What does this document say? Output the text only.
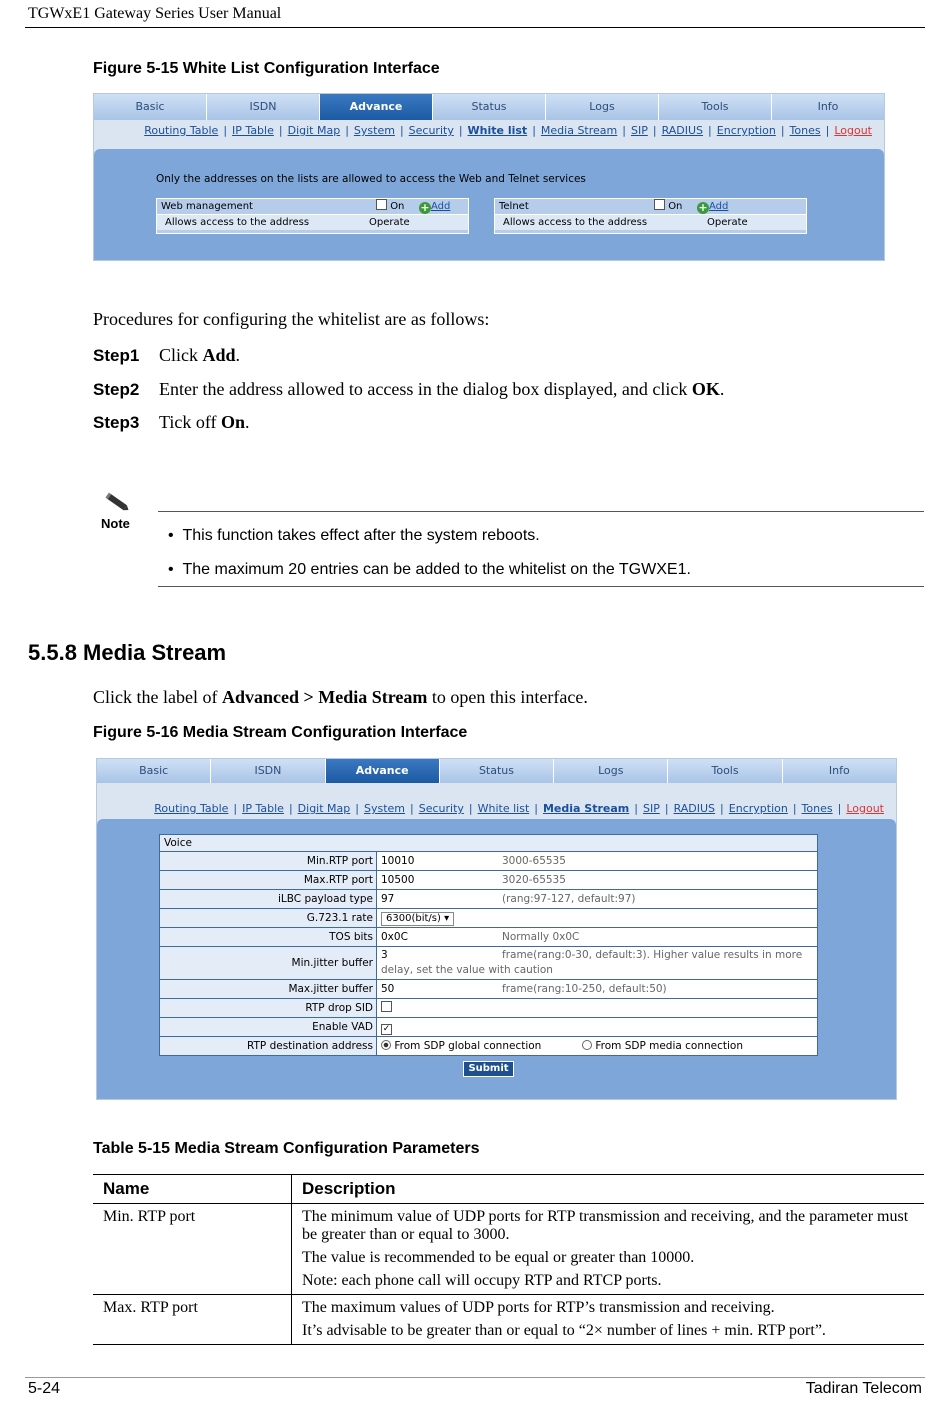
TGWxE1 Gateway Series User Manual
Figure 5-15 White List Configuration Interface
Basic	ISDN	Advance	Status	Logs	Tools	Info
Routing Table | IP Table | Digit Map | System | Security | White list | Media Stream | SIP | RADIUS | Encryption | Tones | Logout
Only the addresses on the lists are allowed to access the Web and Telnet services
Web management	On +Add
Allows access to the address	Operate
Telnet	On +Add
Allows access to the address	Operate
Procedures for configuring the whitelist are as follows:
Step1 Click Add.
Step2 Enter the address allowed to access in the dialog box displayed, and click OK.
Step3 Tick off On.
Note
•  This function takes effect after the system reboots.
•  The maximum 20 entries can be added to the whitelist on the TGWXE1.
5.5.8 Media Stream
Click the label of Advanced > Media Stream to open this interface.
Figure 5-16 Media Stream Configuration Interface
Basic	ISDN	Advance	Status	Logs	Tools	Info
Routing Table | IP Table | Digit Map | System | Security | White list | Media Stream | SIP | RADIUS | Encryption | Tones | Logout
Voice
Min.RTP port 10010	3000-65535
Max.RTP port 10500	3020-65535
iLBC payload type 97	(rang:97-127, default:97)
G.723.1 rate	6300(bit/s) ▾
TOS bits 0x0C	Normally 0x0C
Min.jitter buffer
3	frame(rang:0-30, default:3). Higher value results in more
delay, set the value with caution
Max.jitter buffer 50	frame(rang:10-250, default:50)
RTP drop SID
Enable VAD	✓
RTP destination address	From SDP global connection	From SDP media connection
Submit
Table 5-15 Media Stream Configuration Parameters
Name	Description
Min. RTP port	The minimum value of UDP ports for RTP transmission and receiving, and the parameter must be greater than or equal to 3000.

The value is recommended to be equal or greater than 10000.

Note: each phone call will occupy RTP and RTCP ports.

Max. RTP port	The maximum values of UDP ports for RTP’s transmission and receiving.

It’s advisable to be greater than or equal to “2× number of lines + min. RTP port”.

5-24	Tadiran Telecom
